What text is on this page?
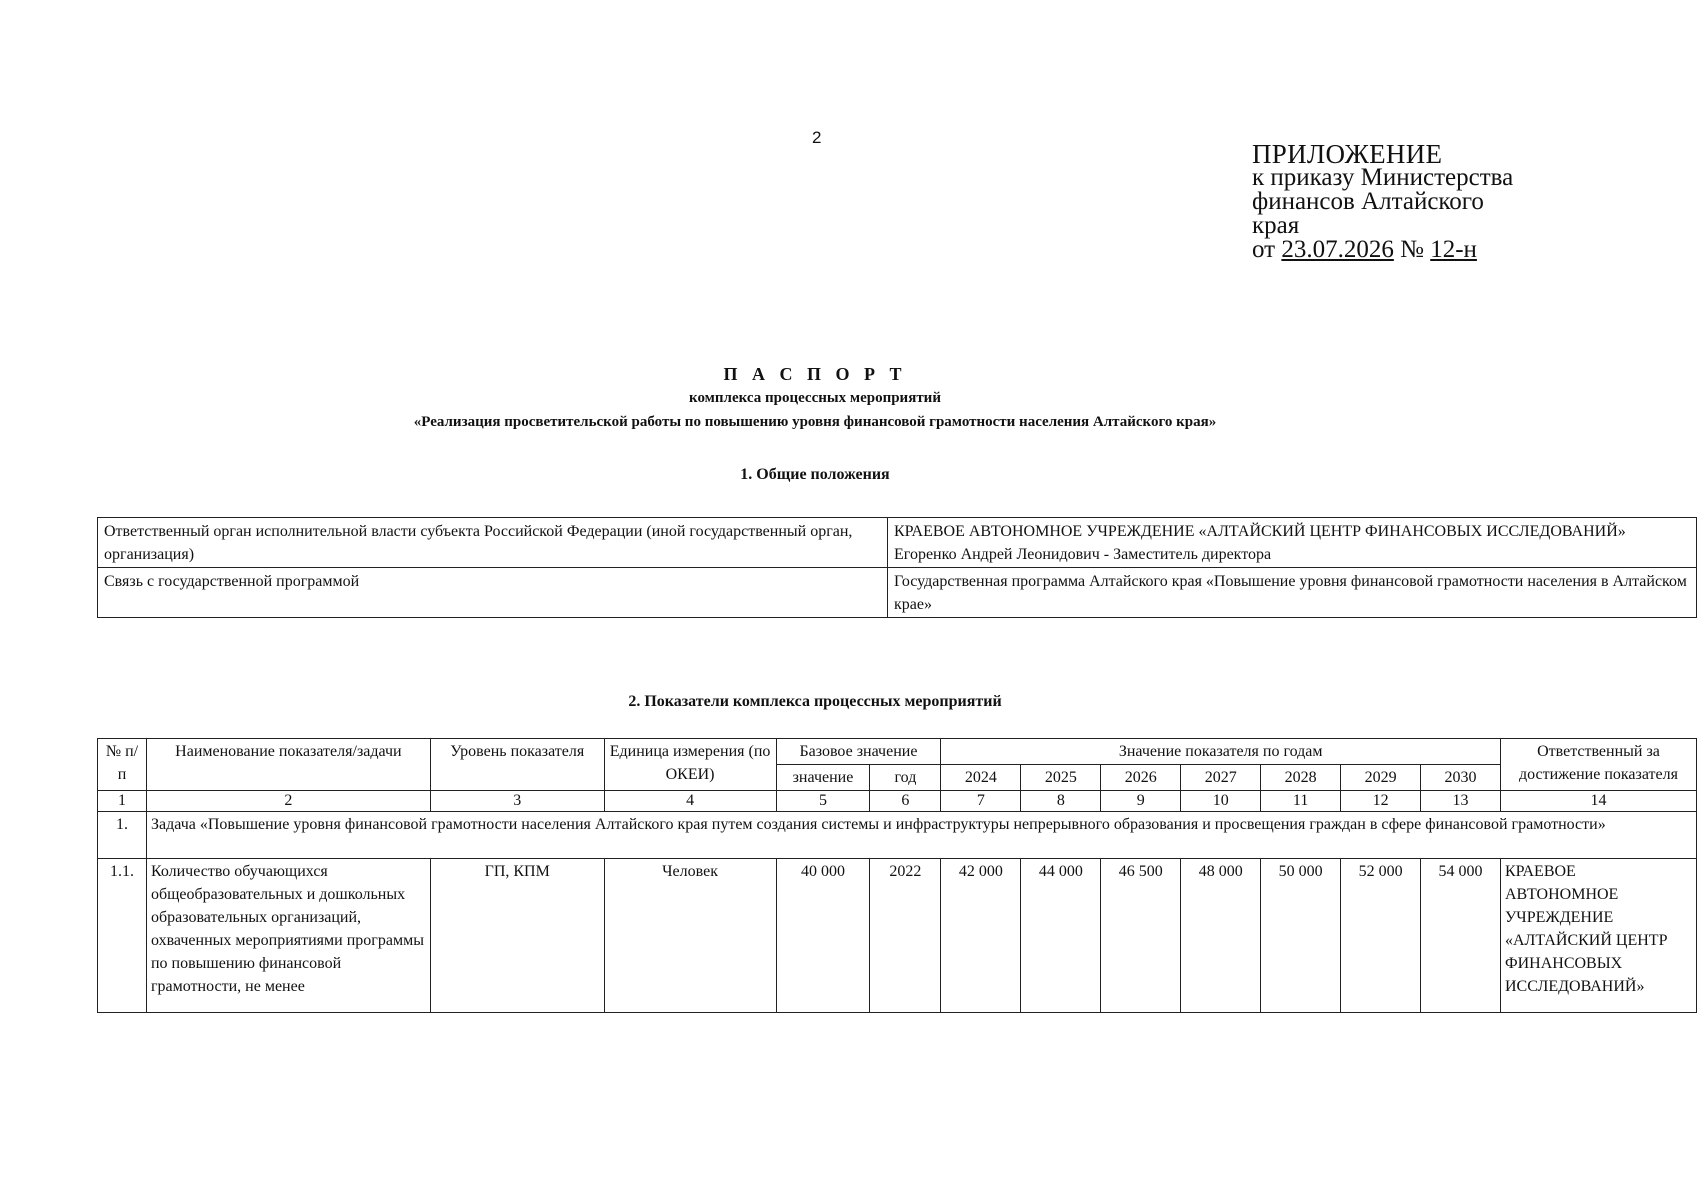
2
ПРИЛОЖЕНИЕ
к приказу Министерства
финансов Алтайского
края
от 23.07.2026 № 12-н
П А С П О Р Т
комплекса процессных мероприятий
«Реализация просветительской работы по повышению уровня финансовой грамотности населения Алтайского края»
1. Общие положения
Ответственный орган исполнительной власти субъекта Российской Федерации (иной государственный орган, организация)	КРАЕВОЕ АВТОНОМНОЕ УЧРЕЖДЕНИЕ «АЛТАЙСКИЙ ЦЕНТР ФИНАНСОВЫХ ИССЛЕДОВАНИЙ»
Егоренко Андрей Леонидович - Заместитель директора

Связь с государственной программой	Государственная программа Алтайского края «Повышение уровня финансовой грамотности населения в Алтайском крае»
2. Показатели комплекса процессных мероприятий
№ п/п	Наименование показателя/задачи	Уровень показателя	Единица измерения (по ОКЕИ)	Базовое значение		Значение показателя по годам							Ответственный за достижение показателя
				значение	год	2024	2025	2026	2027	2028	2029	2030	
1	2	3	4	5	6	7	8	9	10	11	12	13	14
1.	Задача «Повышение уровня финансовой грамотности населения Алтайского края путем создания системы и инфраструктуры непрерывного образования и просвещения граждан в сфере финансовой грамотности»												
1.1.	Количество обучающихся общеобразовательных и дошкольных образовательных организаций, охваченных мероприятиями программы по повышению финансовой грамотности, не менее	ГП, КПМ	Человек	40 000	2022	42 000	44 000	46 500	48 000	50 000	52 000	54 000	КРАЕВОЕ АВТОНОМНОЕ УЧРЕЖДЕНИЕ «АЛТАЙСКИЙ ЦЕНТР ФИНАНСОВЫХ ИССЛЕДОВАНИЙ»
